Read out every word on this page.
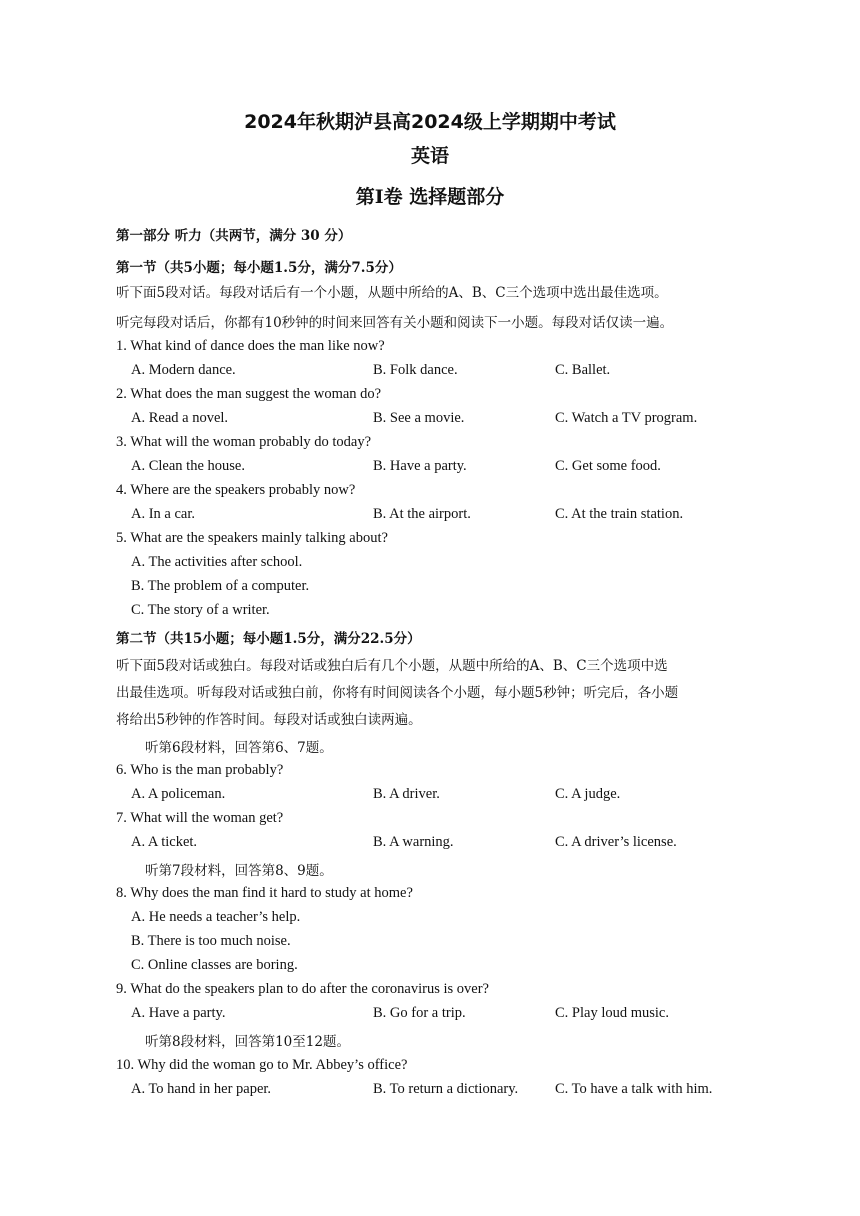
2024年秋期泸县高2024级上学期期中考试
英语
第I卷 选择题部分
第一部分 听力（共两节，满分 30 分）
第一节（共5小题；每小题1.5分，满分7.5分）
听下面5段对话。每段对话后有一个小题，从题中所给的A、B、C三个选项中选出最佳选项。
听完每段对话后，你都有10秒钟的时间来回答有关小题和阅读下一小题。每段对话仅读一遍。
1. What kind of dance does the man like now?
A. Modern dance.	B. Folk dance.	C. Ballet.
2. What does the man suggest the woman do?
A. Read a novel.	B. See a movie.	C. Watch a TV program.
3. What will the woman probably do today?
A. Clean the house.	B. Have a party.	C. Get some food.
4. Where are the speakers probably now?
A. In a car.	B. At the airport.	C. At the train station.
5. What are the speakers mainly talking about?
A. The activities after school.
B. The problem of a computer.
C. The story of a writer.
第二节（共15小题；每小题1.5分，满分22.5分）
听下面5段对话或独白。每段对话或独白后有几个小题，从题中所给的A、B、C三个选项中选
出最佳选项。听每段对话或独白前，你将有时间阅读各个小题，每小题5秒钟；听完后，各小题
将给出5秒钟的作答时间。每段对话或独白读两遍。
听第6段材料，回答第6、7题。
6. Who is the man probably?
A. A policeman.	B. A driver.	C. A judge.
7. What will the woman get?
A. A ticket.	B. A warning.	C. A driver’s license.
听第7段材料，回答第8、9题。
8. Why does the man find it hard to study at home?
A. He needs a teacher’s help.
B. There is too much noise.
C. Online classes are boring.
9. What do the speakers plan to do after the coronavirus is over?
A. Have a party.	B. Go for a trip.	C. Play loud music.
听第8段材料，回答第10至12题。
10. Why did the woman go to Mr. Abbey’s office?
A. To hand in her paper.	B. To return a dictionary.	C. To have a talk with him.
